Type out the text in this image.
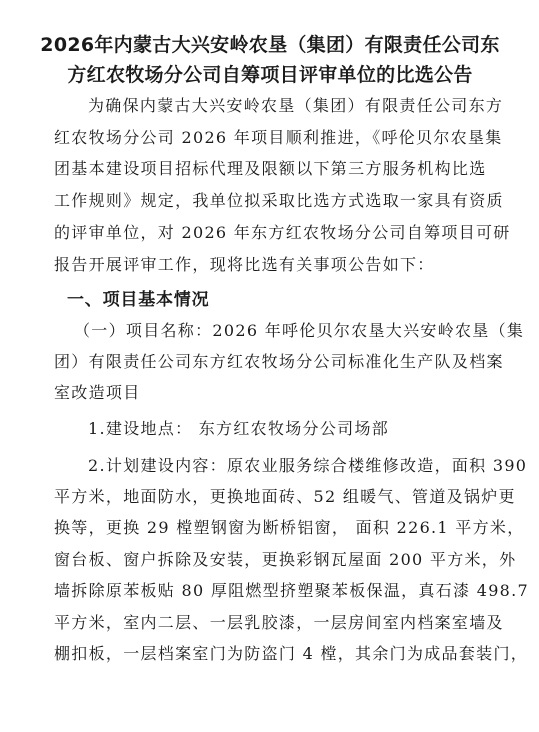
2026年内蒙古大兴安岭农垦（集团）有限责任公司东
方红农牧场分公司自筹项目评审单位的比选公告
为确保内蒙古大兴安岭农垦（集团）有限责任公司东方
红农牧场分公司 2026 年项目顺利推进，《呼伦贝尔农垦集
团基本建设项目招标代理及限额以下第三方服务机构比选
工作规则》规定，我单位拟采取比选方式选取一家具有资质
的评审单位，对 2026 年东方红农牧场分公司自筹项目可研
报告开展评审工作，现将比选有关事项公告如下：
一、项目基本情况
（一）项目名称：2026 年呼伦贝尔农垦大兴安岭农垦（集
团）有限责任公司东方红农牧场分公司标准化生产队及档案
室改造项目
1.建设地点： 东方红农牧场分公司场部
2.计划建设内容：原农业服务综合楼维修改造，面积 390
平方米，地面防水，更换地面砖、52 组暖气、管道及锅炉更
换等，更换 29 樘塑钢窗为断桥铝窗， 面积 226.1 平方米，
窗台板、窗户拆除及安装，更换彩钢瓦屋面 200 平方米，外
墙拆除原苯板贴 80 厚阻燃型挤塑聚苯板保温，真石漆 498.7
平方米，室内二层、一层乳胶漆，一层房间室内档案室墙及
棚扣板，一层档案室门为防盗门 4 樘，其余门为成品套装门，
